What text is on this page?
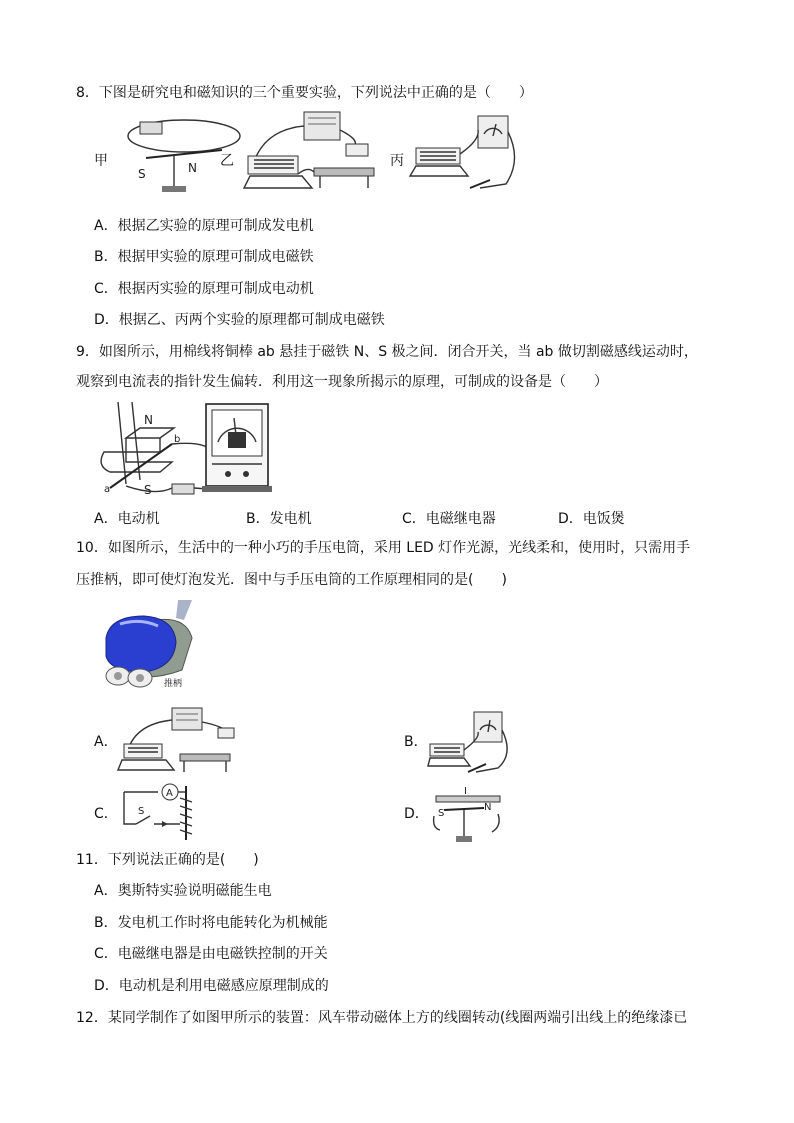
8．下图是研究电和磁知识的三个重要实验，下列说法中正确的是（　　）
甲
S	N 乙	丙
A．根据乙实验的原理可制成发电机
B．根据甲实验的原理可制成电磁铁
C．根据丙实验的原理可制成电动机
D．根据乙、丙两个实验的原理都可制成电磁铁
9．如图所示，用棉线将铜棒 ab 悬挂于磁铁 N、S 极之间．闭合开关，当 ab 做切割磁感线运动时，
观察到电流表的指针发生偏转．利用这一现象所揭示的原理，可制成的设备是（　　）
N
S
a
b
A．电动机	B．发电机	C．电磁继电器	D．电饭煲
10．如图所示，生活中的一种小巧的手压电筒，采用 LED 灯作光源，光线柔和，使用时，只需用手
压推柄，即可使灯泡发光．图中与手压电筒的工作原理相同的是(　　)
推柄
A．	B．
C．
A
S	D．
I
S
N
11．下列说法正确的是(　　)
A．奥斯特实验说明磁能生电
B．发电机工作时将电能转化为机械能
C．电磁继电器是由电磁铁控制的开关
D．电动机是利用电磁感应原理制成的
12．某同学制作了如图甲所示的装置：风车带动磁体上方的线圈转动(线圈两端引出线上的绝缘漆已
